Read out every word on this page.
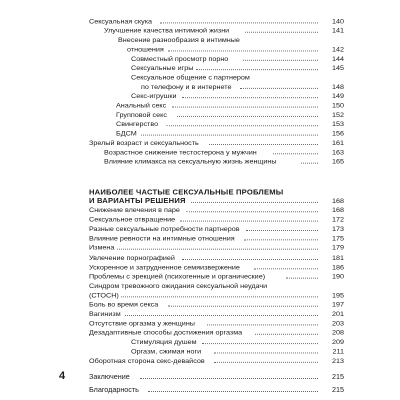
Сексуальная скука	140
Улучшение качества интимной жизни	141
Внесение разнообразия в интимные
отношения	142
Совместный просмотр порно	144
Сексуальные игры	145
Сексуальное общение с партнером
по телефону и в интернете	148
Секс-игрушки	149
Анальный секс	150
Групповой секс	152
Свингерство	153
БДСМ	156
Зрелый возраст и сексуальность	161
Возрастное снижение тестостерона у мужчин	163
Влияние климакса на сексуальную жизнь женщины	165
НАИБОЛЕЕ ЧАСТЫЕ СЕКСУАЛЬНЫЕ ПРОБЛЕМЫ
И ВАРИАНТЫ РЕШЕНИЯ	168
Снижение влечения в паре	168
Сексуальное отвращение	172
Разные сексуальные потребности партнеров	173
Влияние ревности на интимные отношения	175
Измена	179
Увлечение порнографией	181
Ускоренное и затрудненное семяизвержение	186
Проблемы с эрекцией (психогенные и органические)	190
Синдром тревожного ожидания сексуальной неудачи
(СТОСН)	195
Боль во время секса	197
Вагинизм	201
Отсутствие оргазма у женщины	203
Дезадаптивные способы достижения оргазма	208
Стимуляция душем	209
Оргазм, сжимая ноги	211
Оборотная сторона секс-девайсов	213
4	Заключение	215
Благодарность	215
